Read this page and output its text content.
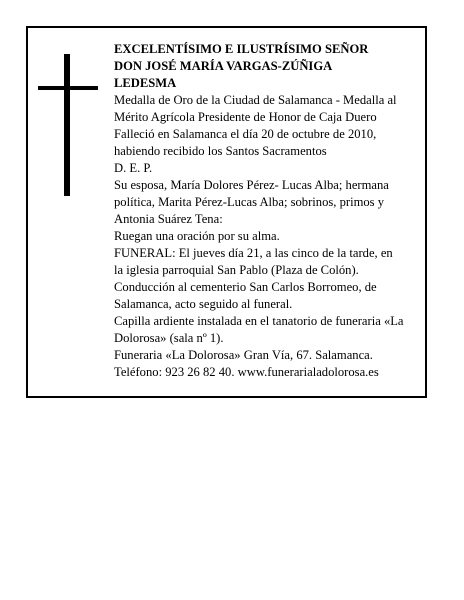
EXCELENTÍSIMO E ILUSTRÍSIMO SEÑOR

DON JOSÉ MARÍA VARGAS-ZÚÑIGA

LEDESMA

Medalla de Oro de la Ciudad de Salamanca - Medalla al

Mérito Agrícola Presidente de Honor de Caja Duero

Falleció en Salamanca el día 20 de octubre de 2010,

habiendo recibido los Santos Sacramentos

D. E. P.

Su esposa, María Dolores Pérez- Lucas Alba; hermana

política, Marita Pérez-Lucas Alba; sobrinos, primos y

Antonia Suárez Tena:

Ruegan una oración por su alma.

FUNERAL: El jueves día 21, a las cinco de la tarde, en

la iglesia parroquial San Pablo (Plaza de Colón).

Conducción al cementerio San Carlos Borromeo, de

Salamanca, acto seguido al funeral.

Capilla ardiente instalada en el tanatorio de funeraria «La

Dolorosa» (sala nº 1).

Funeraria «La Dolorosa» Gran Vía, 67. Salamanca.

Teléfono: 923 26 82 40. www.funerarialadolorosa.es
